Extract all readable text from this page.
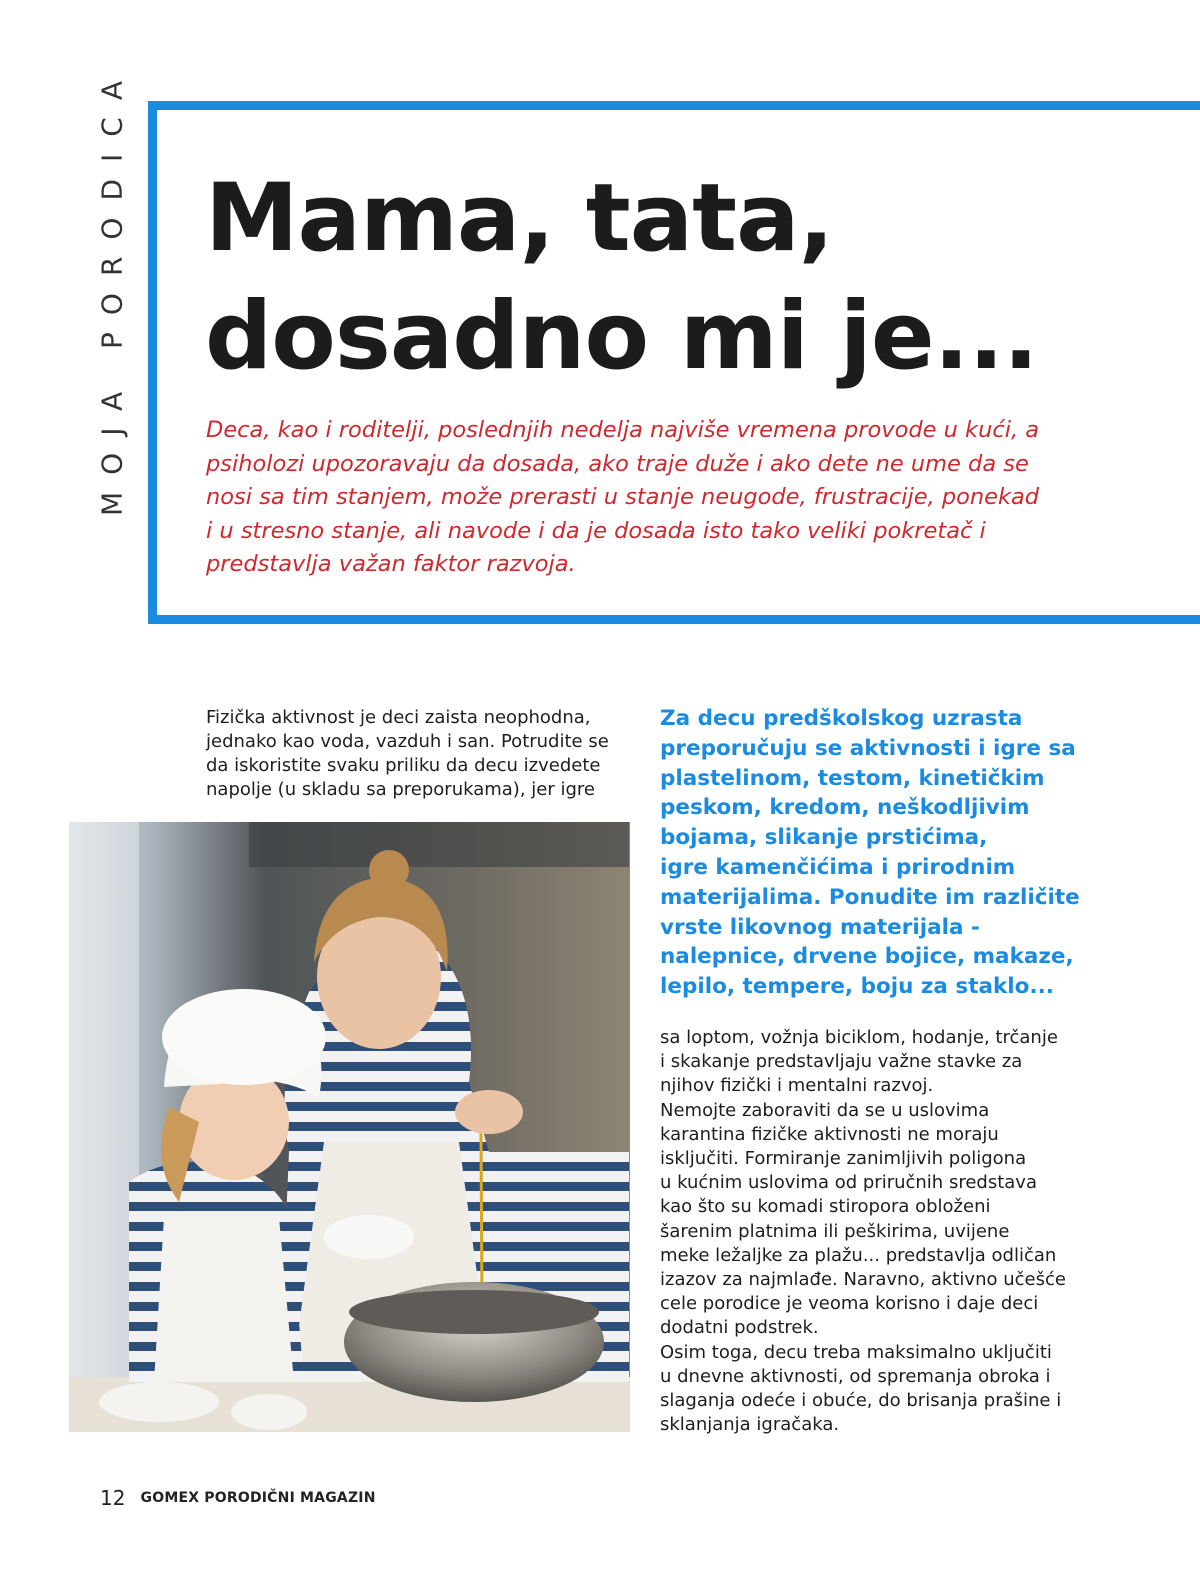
MOJA PORODICA Mama, tata,
dosadno mi je...
Deca, kao i roditelji, poslednjih nedelja najviše vremena provode u kući, a
psiholozi upozoravaju da dosada, ako traje duže i ako dete ne ume da se
nosi sa tim stanjem, može prerasti u stanje neugode, frustracije, ponekad
i u stresno stanje, ali navode i da je dosada isto tako veliki pokretač i
predstavlja važan faktor razvoja.
Fizička aktivnost je deci zaista neophodna,
jednako kao voda, vazduh i san. Potrudite se
da iskoristite svaku priliku da decu izvedete
napolje (u skladu sa preporukama), jer igre
Za decu predškolskog uzrasta
preporučuju se aktivnosti i igre sa
plastelinom, testom, kinetičkim
peskom, kredom, neškodljivim
bojama, slikanje prstićima,
igre kamenčićima i prirodnim
materijalima. Ponudite im različite
vrste likovnog materijala -
nalepnice, drvene bojice, makaze,
lepilo, tempere, boju za staklo...
sa loptom, vožnja biciklom, hodanje, trčanje
i skakanje predstavljaju važne stavke za
njihov fizički i mentalni razvoj.
Nemojte zaboraviti da se u uslovima
karantina fizičke aktivnosti ne moraju
isključiti. Formiranje zanimljivih poligona
u kućnim uslovima od priručnih sredstava
kao što su komadi stiropora obloženi
šarenim platnima ili peškirima, uvijene
meke ležaljke za plažu... predstavlja odličan
izazov za najmlađe. Naravno, aktivno učešće
cele porodice je veoma korisno i daje deci
dodatni podstrek.
Osim toga, decu treba maksimalno uključiti
u dnevne aktivnosti, od spremanja obroka i
slaganja odeće i obuće, do brisanja prašine i
sklanjanja igračaka.
12 GOMEX PORODIČNI MAGAZIN
